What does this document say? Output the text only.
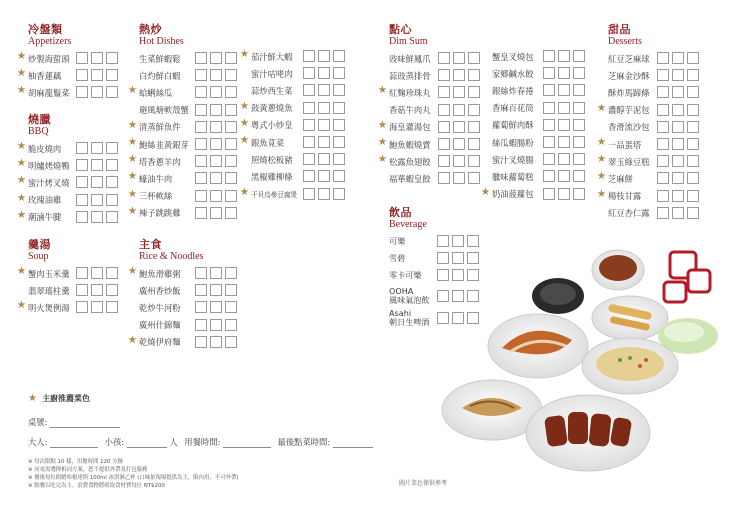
冷盤類
Appetizers
★ 炒製海蜇頭
★ 柚香蓮藕
★ 胡麻龍鬚菜
燒臘
BBQ
★ 脆皮燒肉
★ 明爐烤燒鴨
★ 蜜汁烤叉燒
★ 玫瑰油雞
★ 潮滷牛腱
羹湯
Soup
★ 蟹肉玉米羹
翡翠瑤柱羹
★ 明火煲例湯
熱炒
Hot Dishes
生菜鮮蝦鬆
白灼鮮白蝦
★ 蛤蜊絲瓜
避風塘軟殼蟹
★ 清蒸鮮魚件
★ 鮑絲韭黃銀芽
★ 塔香蔥羊肉
★ 蠔油牛肉
★ 三杯軟絲
★ 辣子跳跳雞
★ 茄汁鮮大蝦
蜜汁咕咾肉
蒜炒西生菜
★ 鼓黃蔥燒魚
★ 粵式小炒皇
★ 銀魚莧菜
照燒松板豬
黑椒雞柳條
★ 干貝烏參豆腐煲
主食
Rice & Noodles
★ 鮑魚滑雞粥
廣州香炒飯
乾炒牛河粉
廣州什錦麵
★ 乾燒伊府麵
點心
Dim Sum
豉味鮮鳳爪
蒜豉蒸排骨
★ 紅麴珍珠丸
香菇牛肉丸
★ 海皇灌湯包
★ 鮑魚蝦燒賣
★ 松露魚翅餃
福華蝦皇餃
蟹皇叉燒包
家鄉鹹水餃
銀絲炸春捲
香麻百花筒
蘿蔔鮮肉酥
絲瓜蝦腸粉
蜜汁叉燒腸
臘味蘿蔔糕
★ 奶油菠蘿包
甜品
Desserts
紅豆芝麻球
芝麻金沙酥
酥炸馬蹄條
★ 濃醇芋泥包
香滑流沙包
★ 一品蛋塔
★ 翠玉綠豆糕
★ 芝麻餅
★ 楊枝甘露
紅豆杏仁露
飲品
Beverage
可樂
雪碧
零卡可樂
OOHA
風味氣泡飲
Asahi
朝日生啤酒
★ 主廚推薦菜色
桌號:
大人:	小孩:	人 用餐時間:	最後點菜時間:
※ 每次限點 10 樣，用餐時間 120 分鐘
※ 同桌需選擇相同方案，恕不提供外帶及打包服務
※ 餐後每位附贈哈根達斯 100ml 冰淇淋乙杯 (口味依現場提供為主，限內用，不可外帶)
※ 點餐以吃完為主，浪費食物將收取食材費每位 NT$200	圖片菜色僅供參考
